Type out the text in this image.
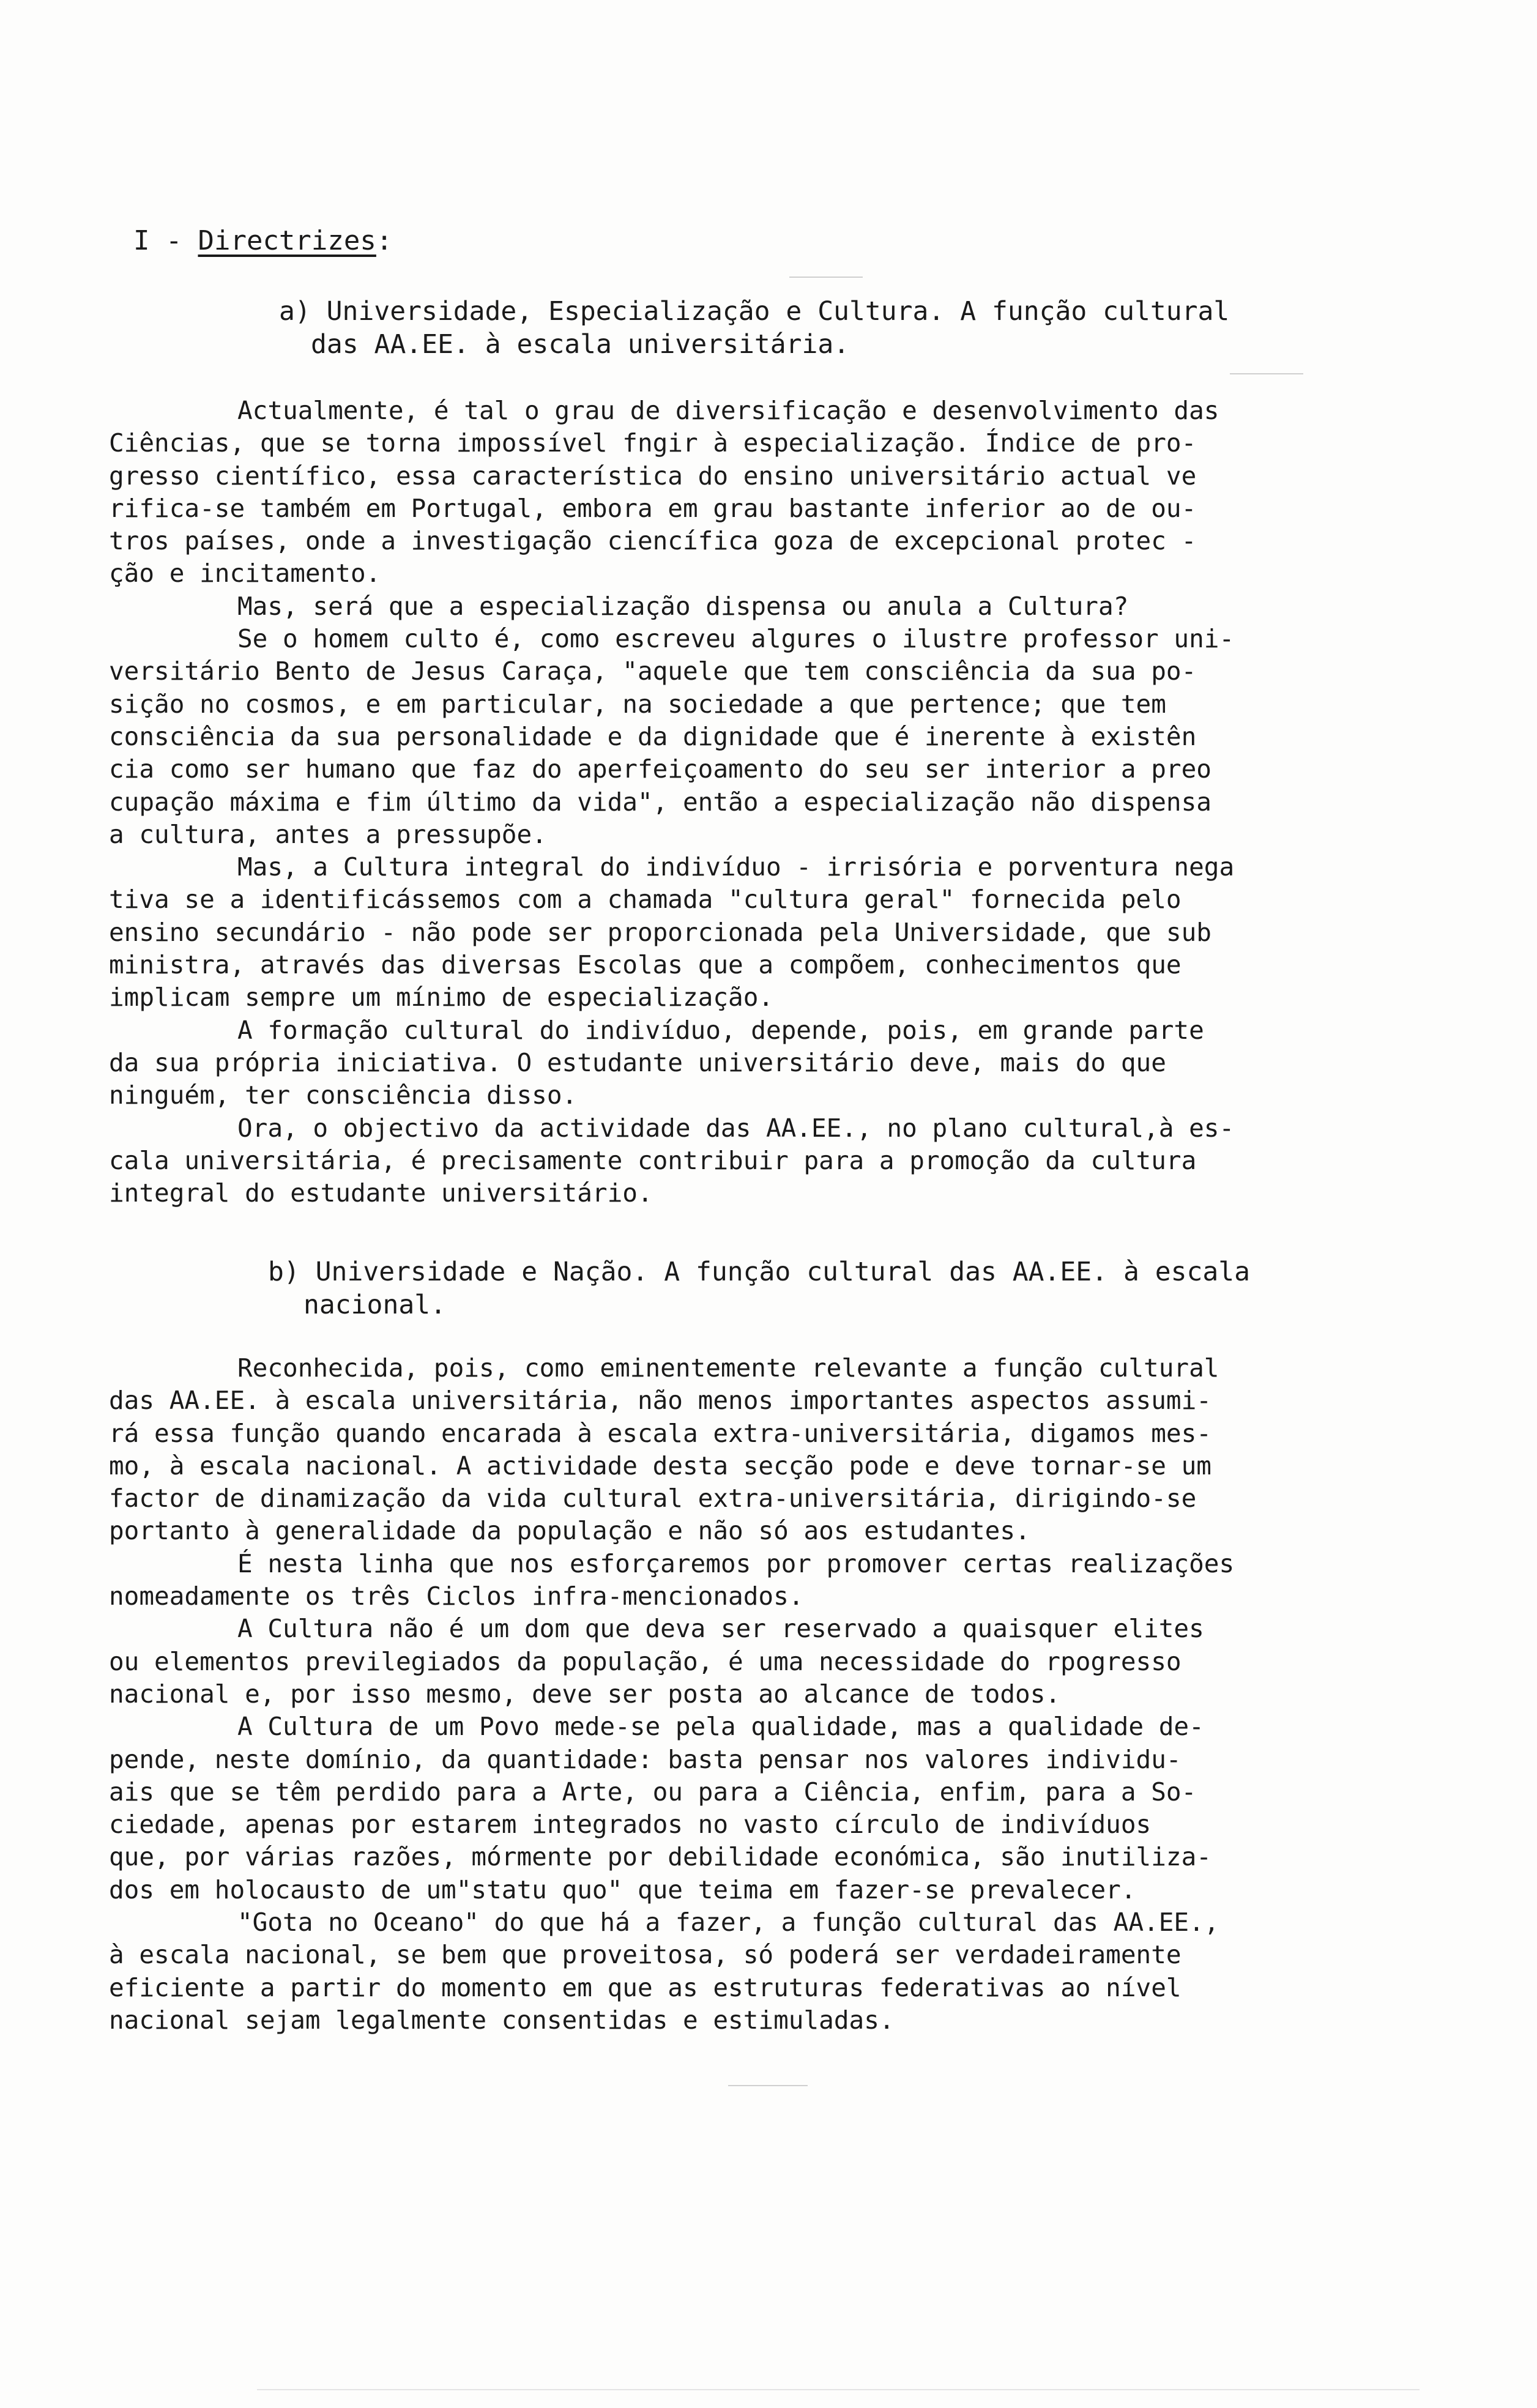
I - Directrizes:
a) Universidade, Especialização e Cultura. A função cultural
das AA.EE. à escala universitária.
Actualmente, é tal o grau de diversificação e desenvolvimento das
Ciências, que se torna impossível fngir à especialização. Índice de pro-
gresso científico, essa característica do ensino universitário actual ve
rifica-se também em Portugal, embora em grau bastante inferior ao de ou-
tros países, onde a investigação ciencífica goza de excepcional protec -
ção e incitamento.
Mas, será que a especialização dispensa ou anula a Cultura?
Se o homem culto é, como escreveu algures o ilustre professor uni-
versitário Bento de Jesus Caraça, "aquele que tem consciência da sua po-
sição no cosmos, e em particular, na sociedade a que pertence; que tem
consciência da sua personalidade e da dignidade que é inerente à existên
cia como ser humano que faz do aperfeiçoamento do seu ser interior a preo
cupação máxima e fim último da vida", então a especialização não dispensa
a cultura, antes a pressupõe.
Mas, a Cultura integral do indivíduo - irrisória e porventura nega
tiva se a identificássemos com a chamada "cultura geral" fornecida pelo
ensino secundário - não pode ser proporcionada pela Universidade, que sub
ministra, através das diversas Escolas que a compõem, conhecimentos que
implicam sempre um mínimo de especialização.
A formação cultural do indivíduo, depende, pois, em grande parte
da sua própria iniciativa. O estudante universitário deve, mais do que
ninguém, ter consciência disso.
Ora, o objectivo da actividade das AA.EE., no plano cultural,à es-
cala universitária, é precisamente contribuir para a promoção da cultura
integral do estudante universitário.
b) Universidade e Nação. A função cultural das AA.EE. à escala
nacional.
Reconhecida, pois, como eminentemente relevante a função cultural
das AA.EE. à escala universitária, não menos importantes aspectos assumi-
rá essa função quando encarada à escala extra-universitária, digamos mes-
mo, à escala nacional. A actividade desta secção pode e deve tornar-se um
factor de dinamização da vida cultural extra-universitária, dirigindo-se
portanto à generalidade da população e não só aos estudantes.
É nesta linha que nos esforçaremos por promover certas realizações
nomeadamente os três Ciclos infra-mencionados.
A Cultura não é um dom que deva ser reservado a quaisquer elites
ou elementos previlegiados da população, é uma necessidade do rpogresso
nacional e, por isso mesmo, deve ser posta ao alcance de todos.
A Cultura de um Povo mede-se pela qualidade, mas a qualidade de-
pende, neste domínio, da quantidade: basta pensar nos valores individu-
ais que se têm perdido para a Arte, ou para a Ciência, enfim, para a So-
ciedade, apenas por estarem integrados no vasto círculo de indivíduos
que, por várias razões, mórmente por debilidade económica, são inutiliza-
dos em holocausto de um"statu quo" que teima em fazer-se prevalecer.
"Gota no Oceano" do que há a fazer, a função cultural das AA.EE.,
à escala nacional, se bem que proveitosa, só poderá ser verdadeiramente
eficiente a partir do momento em que as estruturas federativas ao nível
nacional sejam legalmente consentidas e estimuladas.
